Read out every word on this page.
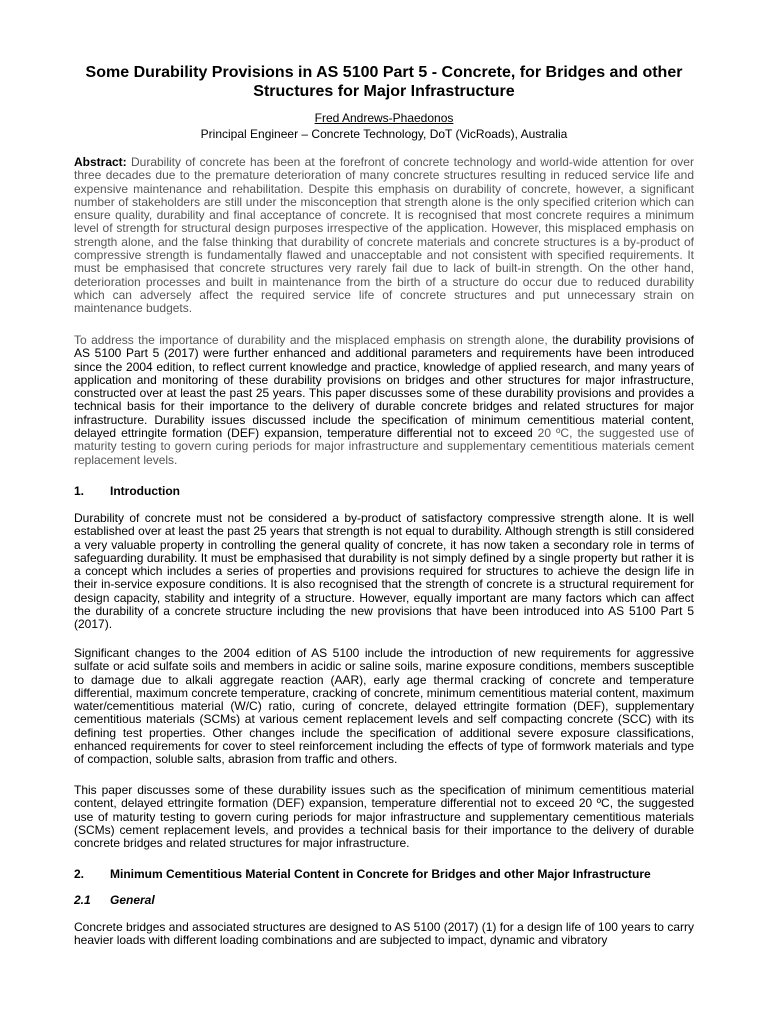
Some Durability Provisions in AS 5100 Part 5 - Concrete, for Bridges and other Structures for Major Infrastructure
Fred Andrews-Phaedonos
Principal Engineer – Concrete Technology, DoT (VicRoads), Australia
Abstract: Durability of concrete has been at the forefront of concrete technology and world-wide attention for over three decades due to the premature deterioration of many concrete structures resulting in reduced service life and expensive maintenance and rehabilitation. Despite this emphasis on durability of concrete, however, a significant number of stakeholders are still under the misconception that strength alone is the only specified criterion which can ensure quality, durability and final acceptance of concrete. It is recognised that most concrete requires a minimum level of strength for structural design purposes irrespective of the application. However, this misplaced emphasis on strength alone, and the false thinking that durability of concrete materials and concrete structures is a by-product of compressive strength is fundamentally flawed and unacceptable and not consistent with specified requirements. It must be emphasised that concrete structures very rarely fail due to lack of built-in strength. On the other hand, deterioration processes and built in maintenance from the birth of a structure do occur due to reduced durability which can adversely affect the required service life of concrete structures and put unnecessary strain on maintenance budgets.
To address the importance of durability and the misplaced emphasis on strength alone, the durability provisions of AS 5100 Part 5 (2017) were further enhanced and additional parameters and requirements have been introduced since the 2004 edition, to reflect current knowledge and practice, knowledge of applied research, and many years of application and monitoring of these durability provisions on bridges and other structures for major infrastructure, constructed over at least the past 25 years. This paper discusses some of these durability provisions and provides a technical basis for their importance to the delivery of durable concrete bridges and related structures for major infrastructure. Durability issues discussed include the specification of minimum cementitious material content, delayed ettringite formation (DEF) expansion, temperature differential not to exceed 20 ºC, the suggested use of maturity testing to govern curing periods for major infrastructure and supplementary cementitious materials cement replacement levels.
1. Introduction
Durability of concrete must not be considered a by-product of satisfactory compressive strength alone. It is well established over at least the past 25 years that strength is not equal to durability. Although strength is still considered a very valuable property in controlling the general quality of concrete, it has now taken a secondary role in terms of safeguarding durability. It must be emphasised that durability is not simply defined by a single property but rather it is a concept which includes a series of properties and provisions required for structures to achieve the design life in their in-service exposure conditions. It is also recognised that the strength of concrete is a structural requirement for design capacity, stability and integrity of a structure. However, equally important are many factors which can affect the durability of a concrete structure including the new provisions that have been introduced into AS 5100 Part 5 (2017).
Significant changes to the 2004 edition of AS 5100 include the introduction of new requirements for aggressive sulfate or acid sulfate soils and members in acidic or saline soils, marine exposure conditions, members susceptible to damage due to alkali aggregate reaction (AAR), early age thermal cracking of concrete and temperature differential, maximum concrete temperature, cracking of concrete, minimum cementitious material content, maximum water/cementitious material (W/C) ratio, curing of concrete, delayed ettringite formation (DEF), supplementary cementitious materials (SCMs) at various cement replacement levels and self compacting concrete (SCC) with its defining test properties. Other changes include the specification of additional severe exposure classifications, enhanced requirements for cover to steel reinforcement including the effects of type of formwork materials and type of compaction, soluble salts, abrasion from traffic and others.
This paper discusses some of these durability issues such as the specification of minimum cementitious material content, delayed ettringite formation (DEF) expansion, temperature differential not to exceed 20 ºC, the suggested use of maturity testing to govern curing periods for major infrastructure and supplementary cementitious materials (SCMs) cement replacement levels, and provides a technical basis for their importance to the delivery of durable concrete bridges and related structures for major infrastructure.
2. Minimum Cementitious Material Content in Concrete for Bridges and other Major Infrastructure
2.1 General
Concrete bridges and associated structures are designed to AS 5100 (2017) (1) for a design life of 100 years to carry heavier loads with different loading combinations and are subjected to impact, dynamic and vibratory
